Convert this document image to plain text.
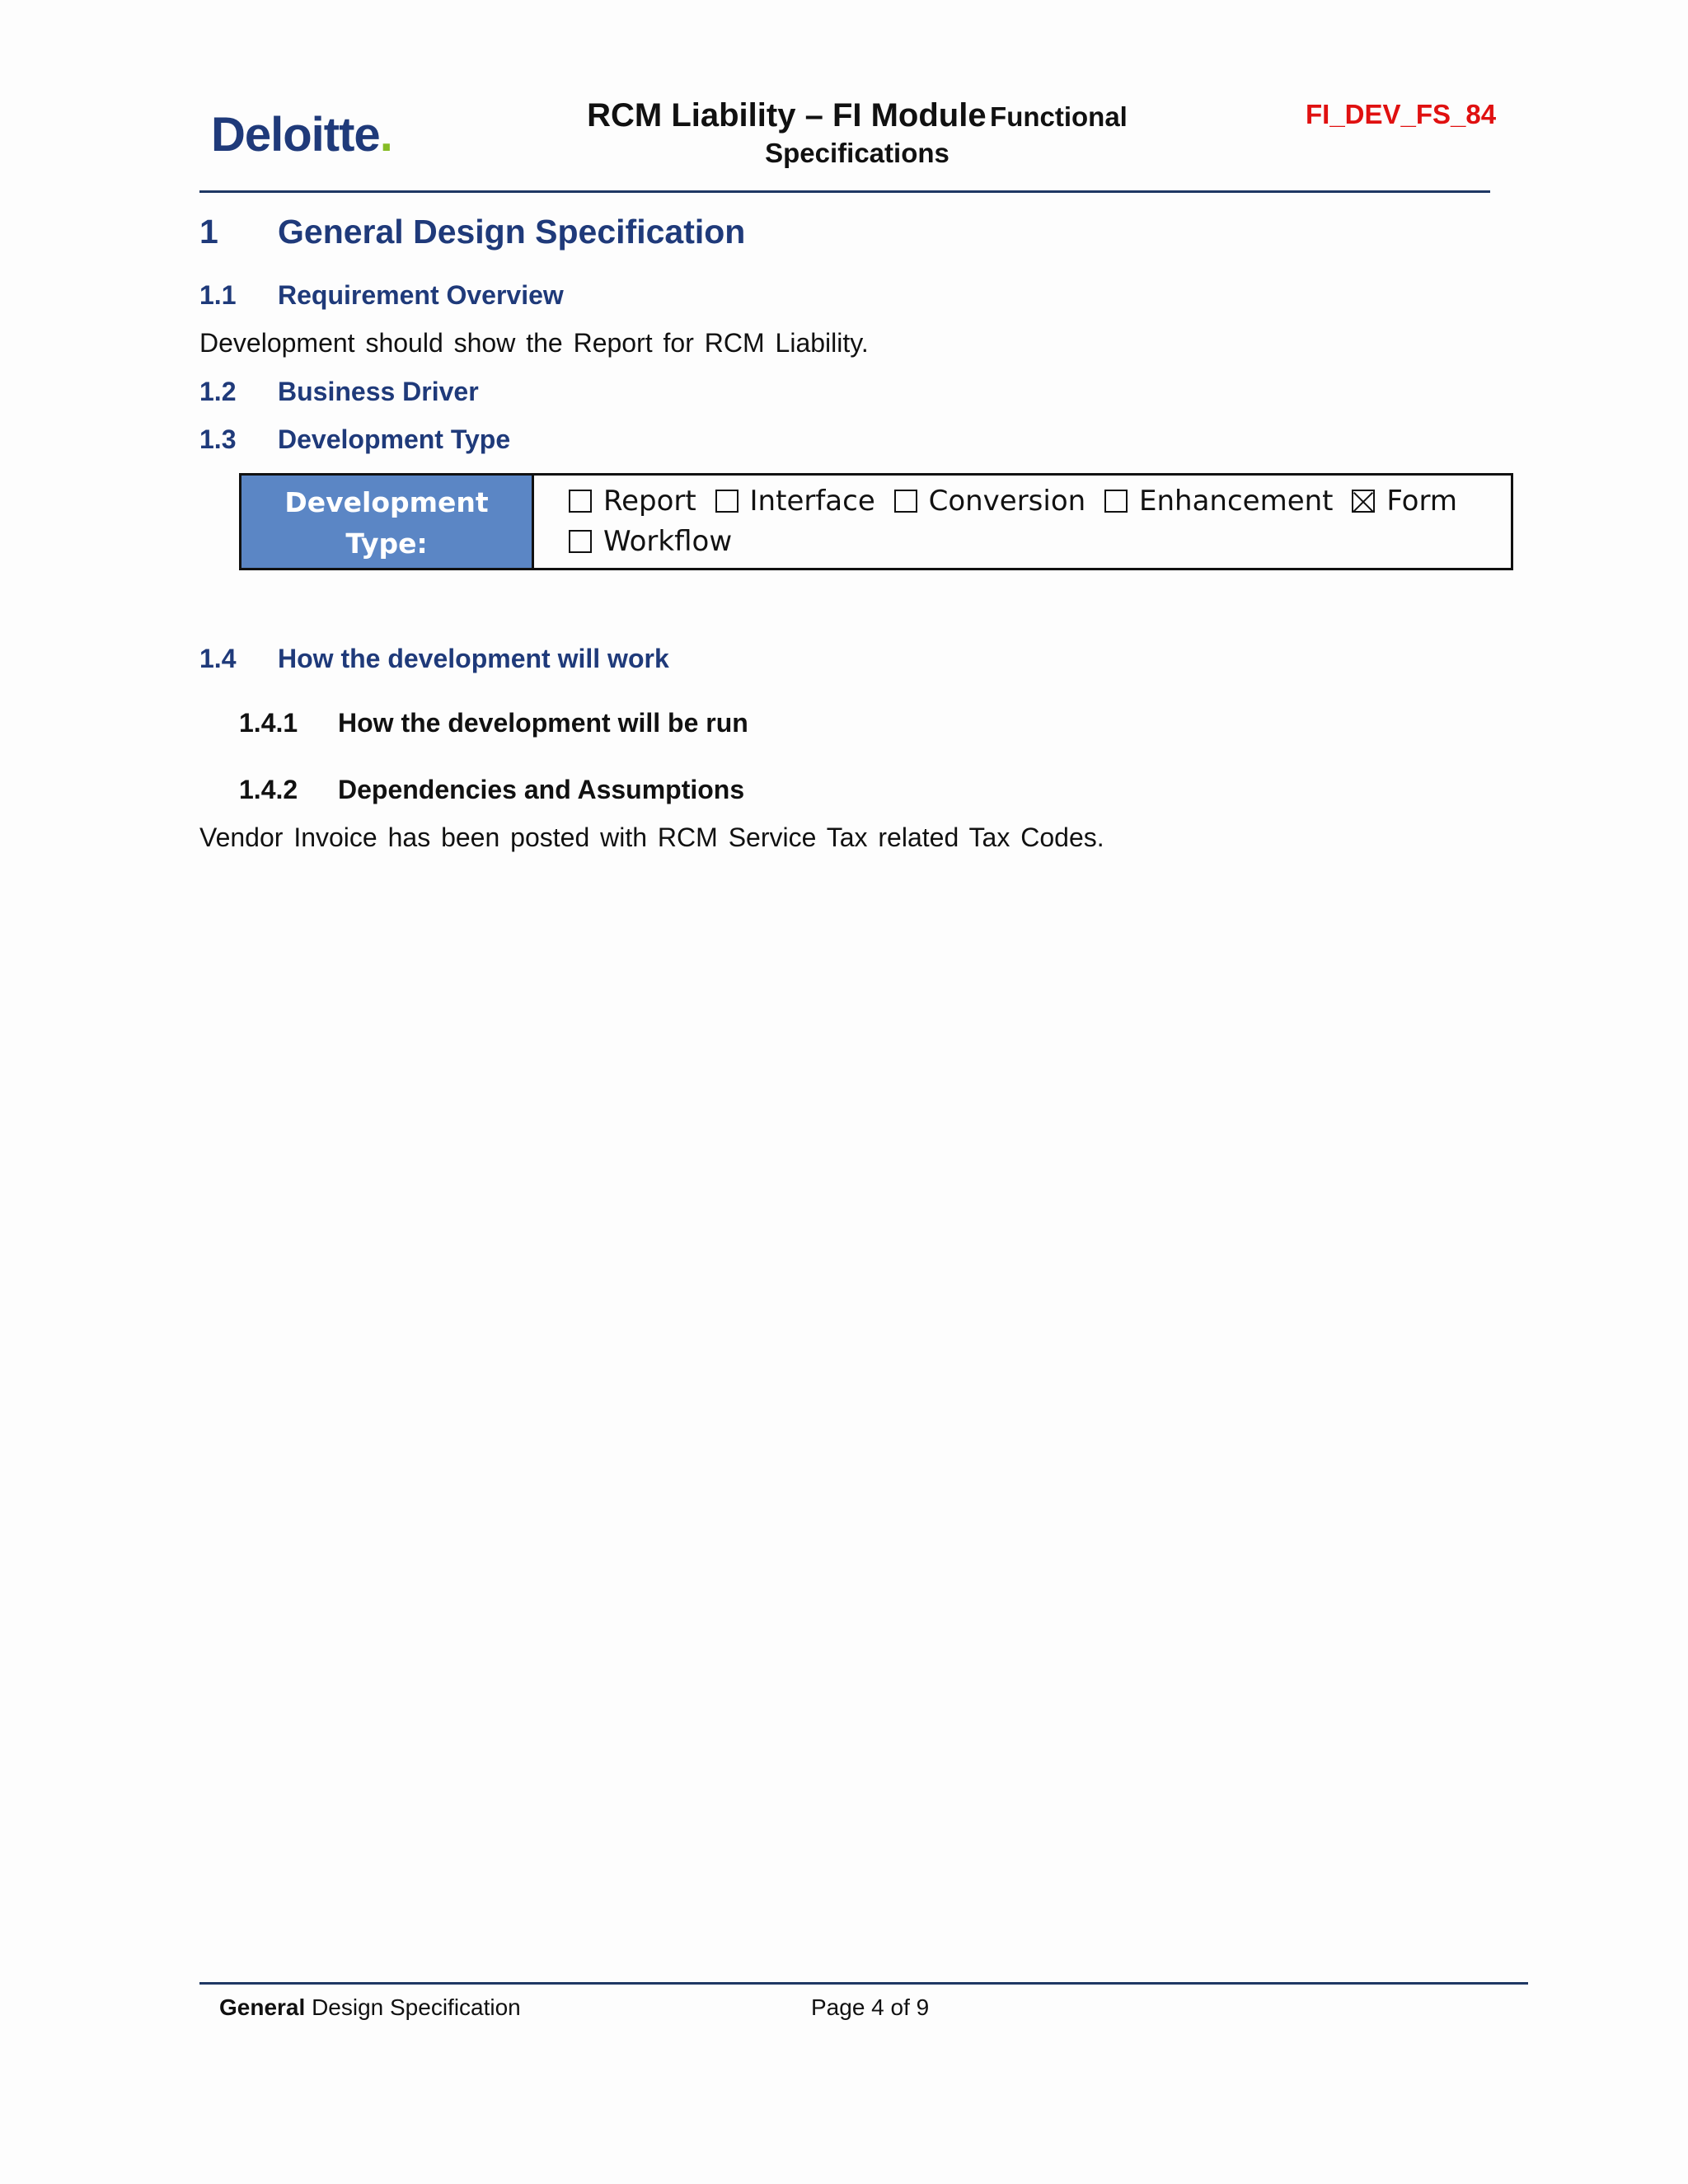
Deloitte.	RCM Liability – FI Module Functional
Specifications
FI_DEV_FS_84
1 General Design Specification
1.1 Requirement Overview
Development should show the Report for RCM Liability.
1.2 Business Driver
1.3 Development Type
Development
Type:
Report
Interface
Conversion
Enhancement
Form
Workflow
1.4 How the development will work
1.4.1 How the development will be run
1.4.2 Dependencies and Assumptions
Vendor Invoice has been posted with RCM Service Tax related Tax Codes.
General Design Specification	Page 4 of 9
